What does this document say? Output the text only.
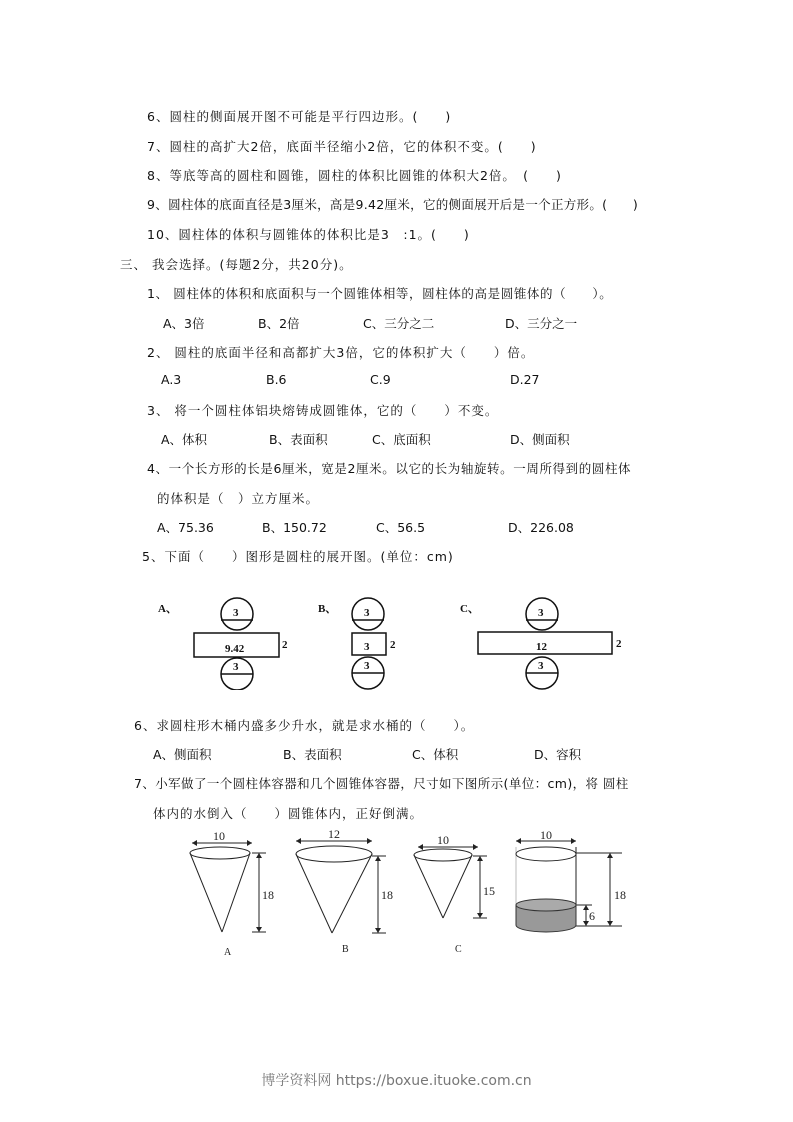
6、圆柱的侧面展开图不可能是平行四边形。(　　)
7、圆柱的高扩大2倍，底面半径缩小2倍，它的体积不变。(　　)
8、等底等高的圆柱和圆锥，圆柱的体积比圆锥的体积大2倍。　(　　)
9、圆柱体的底面直径是3厘米，高是9.42厘米，它的侧面展开后是一个正方形。(　　)
10、圆柱体的体积与圆锥体的体积比是3　:1。(　　)
三、 我会选择。(每题2分，共20分)。
1、 圆柱体的体积和底面积与一个圆锥体相等，圆柱体的高是圆锥体的（　　）。
A、3倍	B、2倍	C、三分之二	D、三分之一
2、 圆柱的底面半径和高都扩大3倍，它的体积扩大（　　）倍。
A.3	B.6	C.9	D.27
3、 将一个圆柱体铝块熔铸成圆锥体，它的（　　）不变。
A、体积	B、表面积	C、底面积	D、侧面积
4、一个长方形的长是6厘米，宽是2厘米。以它的长为轴旋转。一周所得到的圆柱体
的体积是（　）立方厘米。
A、75.36	B、150.72	C、56.5	D、226.08
5、下面（　　）图形是圆柱的展开图。(单位：cm)
A、	3
9.42	2
3
B、	3
3 2
3
C、	3
12	2
3
6、求圆柱形木桶内盛多少升水，就是求水桶的（　　）。
A、侧面积	B、表面积	C、体积	D、容积
7、小军做了一个圆柱体容器和几个圆锥体容器，尺寸如下图所示(单位：cm)，将 圆柱
体内的水倒入（　　）圆锥体内，正好倒满。
10
18
A
12
18
B
10
15
C
10
18
6
博学资料网 https://boxue.ituoke.com.cn
